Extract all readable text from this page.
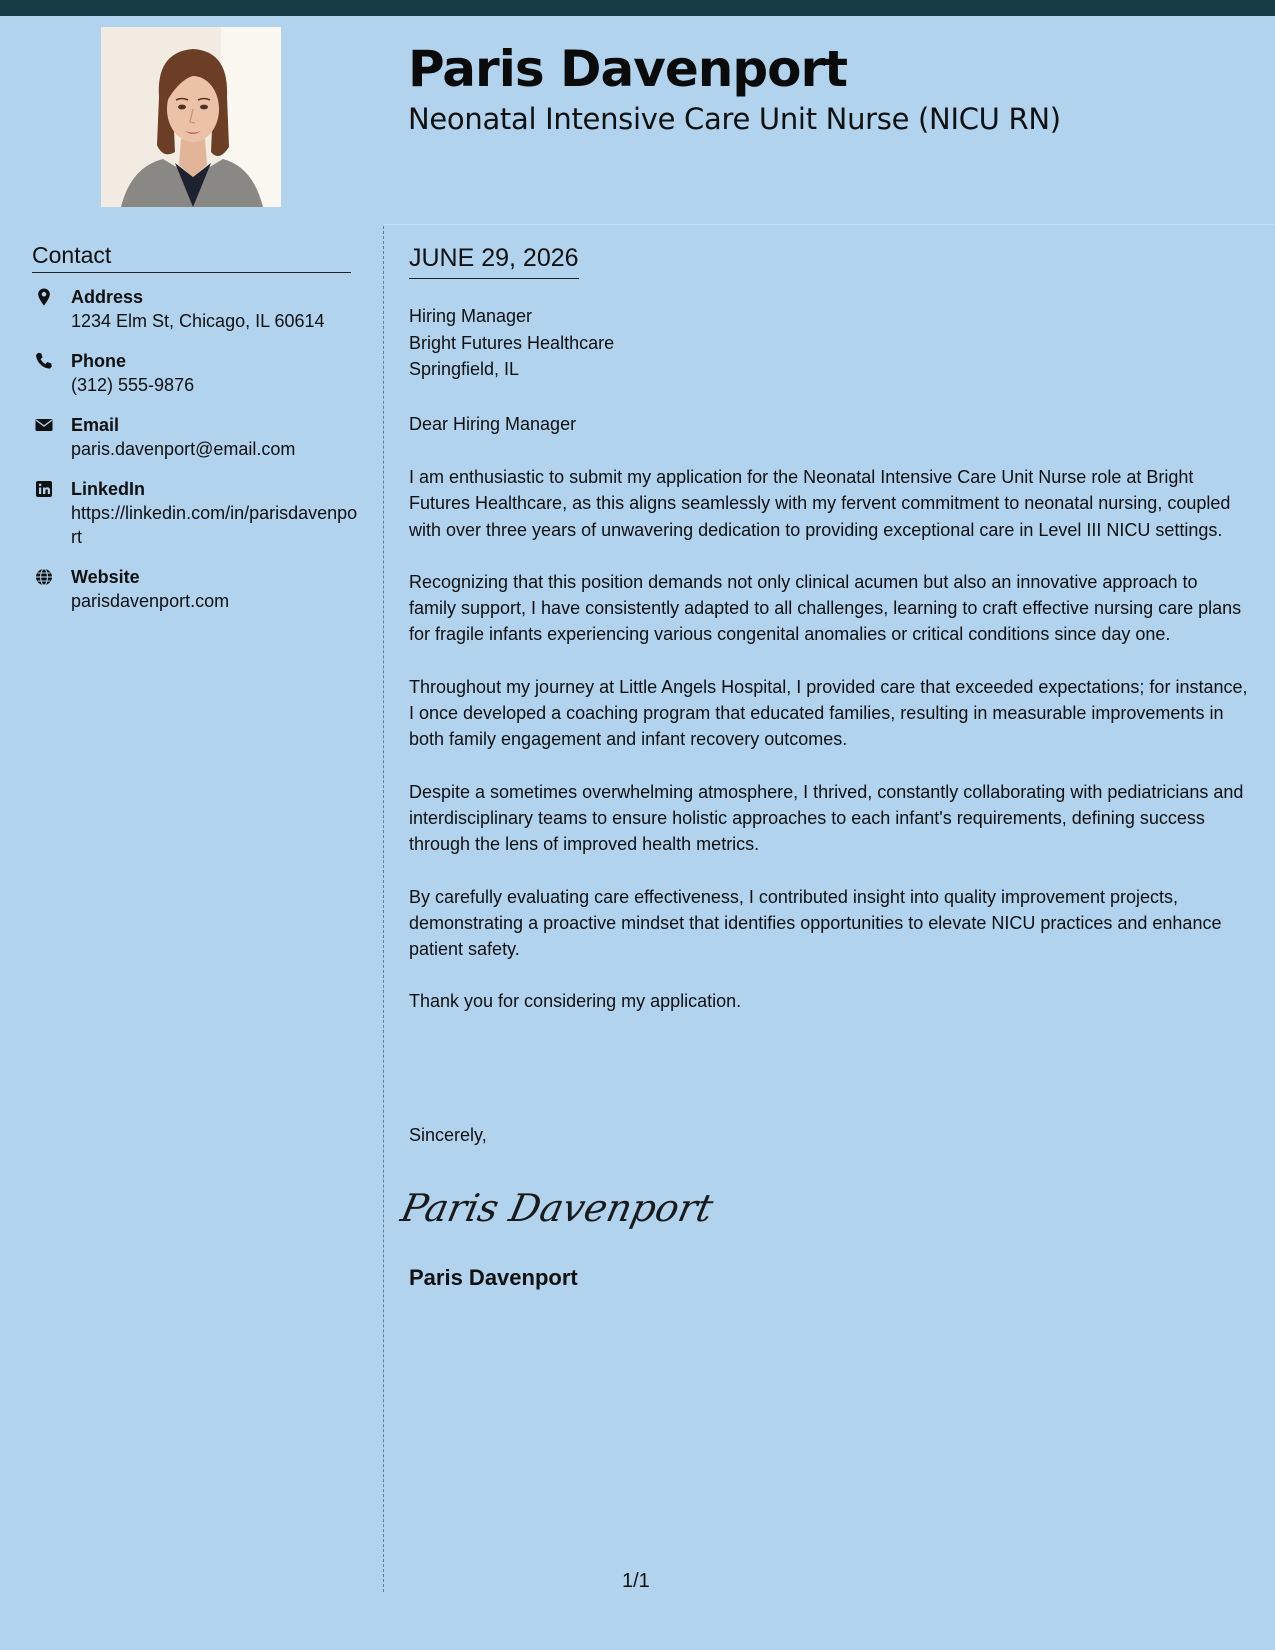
Paris Davenport
Neonatal Intensive Care Unit Nurse (NICU RN)
Contact
Address
1234 Elm St, Chicago, IL 60614
Phone
(312) 555-9876
Email
paris.davenport@email.com
LinkedIn
https://linkedin.com/in/parisdavenport
Website
parisdavenport.com
JUNE 29, 2026
Hiring Manager
Bright Futures Healthcare
Springfield, IL
Dear Hiring Manager

I am enthusiastic to submit my application for the Neonatal Intensive Care Unit Nurse role at Bright Futures Healthcare, as this aligns seamlessly with my fervent commitment to neonatal nursing, coupled with over three years of unwavering dedication to providing exceptional care in Level III NICU settings.

Recognizing that this position demands not only clinical acumen but also an innovative approach to family support, I have consistently adapted to all challenges, learning to craft effective nursing care plans for fragile infants experiencing various congenital anomalies or critical conditions since day one.

Throughout my journey at Little Angels Hospital, I provided care that exceeded expectations; for instance, I once developed a coaching program that educated families, resulting in measurable improvements in both family engagement and infant recovery outcomes.

Despite a sometimes overwhelming atmosphere, I thrived, constantly collaborating with pediatricians and interdisciplinary teams to ensure holistic approaches to each infant's requirements, defining success through the lens of improved health metrics.

By carefully evaluating care effectiveness, I contributed insight into quality improvement projects, demonstrating a proactive mindset that identifies opportunities to elevate NICU practices and enhance patient safety.

Thank you for considering my application.

Sincerely,
Paris Davenport
Paris Davenport
1/1
